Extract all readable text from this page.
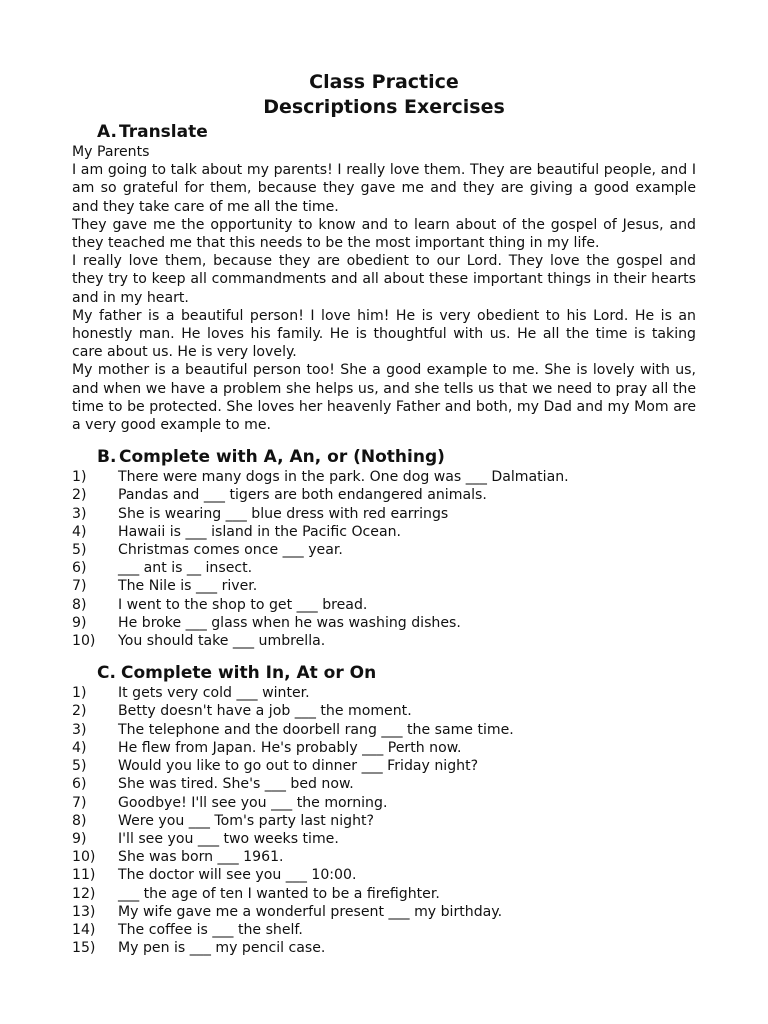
Class Practice
Descriptions Exercises
A. Translate

My Parents

I am going to talk about my parents! I really love them. They are beautiful people, and I am so grateful for them, because they gave me and they are giving a good example and they take care of me all the time.

They gave me the opportunity to know and to learn about of the gospel of Jesus, and they teached me that this needs to be the most important thing in my life.

I really love them, because they are obedient to our Lord. They love the gospel and they try to keep all commandments and all about these important things in their hearts and in my heart.

My father is a beautiful person! I love him! He is very obedient to his Lord. He is an honestly man. He loves his family. He is thoughtful with us. He all the time is taking care about us. He is very lovely.

My mother is a beautiful person too! She a good example to me. She is lovely with us, and when we have a problem she helps us, and she tells us that we need to pray all the time to be protected. She loves her heavenly Father and both, my Dad and my Mom are a very good example to me.

B. Complete with A, An, or (Nothing)
1)	There were many dogs in the park. One dog was ___ Dalmatian.
2)	Pandas and ___ tigers are both endangered animals.
3)	She is wearing ___ blue dress with red earrings
4)	Hawaii is ___ island in the Pacific Ocean.
5)	Christmas comes once ___ year.
6)	___ ant is __ insect.
7)	The Nile is ___ river.
8)	I went to the shop to get ___ bread.
9)	He broke ___ glass when he was washing dishes.
10)	You should take ___ umbrella.
C. Complete with In, At or On
1)	It gets very cold ___ winter.
2)	Betty doesn't have a job ___ the moment.
3)	The telephone and the doorbell rang ___ the same time.
4)	He flew from Japan. He's probably ___ Perth now.
5)	Would you like to go out to dinner ___ Friday night?
6)	She was tired. She's ___ bed now.
7)	Goodbye! I'll see you ___ the morning.
8)	Were you ___ Tom's party last night?
9)	I'll see you ___ two weeks time.
10)	She was born ___ 1961.
11)	The doctor will see you ___ 10:00.
12)	___ the age of ten I wanted to be a firefighter.
13)	My wife gave me a wonderful present ___ my birthday.
14)	The coffee is ___ the shelf.
15)	My pen is ___ my pencil case.
